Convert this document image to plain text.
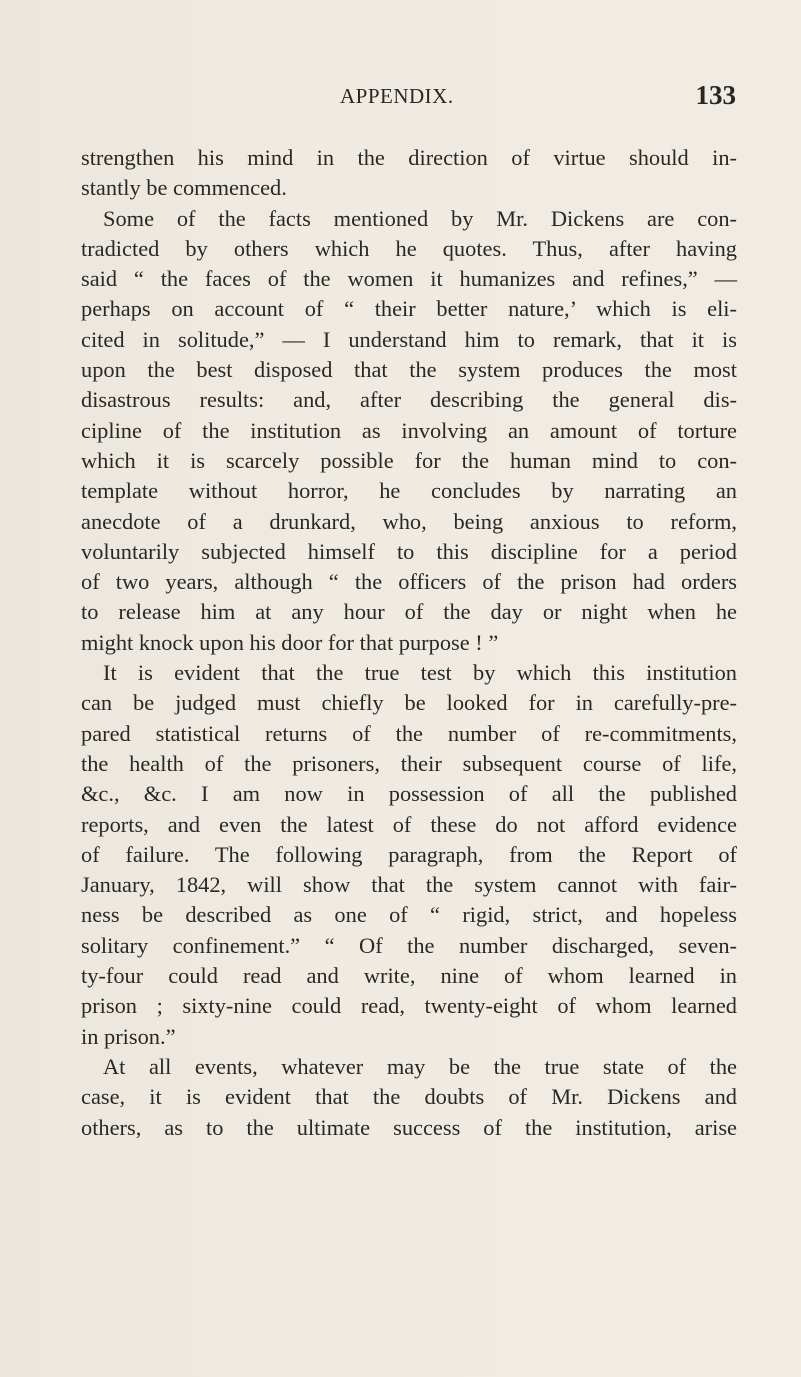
APPENDIX.	133
strengthen his mind in the direction of virtue should in-
stantly be commenced.
Some of the facts mentioned by Mr. Dickens are con-
tradicted by others which he quotes. Thus, after having
said “ the faces of the women it humanizes and refines,” —
perhaps on account of “ their better nature,’ which is eli-
cited in solitude,” — I understand him to remark, that it is
upon the best disposed that the system produces the most
disastrous results: and, after describing the general dis-
cipline of the institution as involving an amount of torture
which it is scarcely possible for the human mind to con-
template without horror, he concludes by narrating an
anecdote of a drunkard, who, being anxious to reform,
voluntarily subjected himself to this discipline for a period
of two years, although “ the officers of the prison had orders
to release him at any hour of the day or night when he
might knock upon his door for that purpose ! ”
It is evident that the true test by which this institution
can be judged must chiefly be looked for in carefully-pre-
pared statistical returns of the number of re-commitments,
the health of the prisoners, their subsequent course of life,
&c., &c. I am now in possession of all the published
reports, and even the latest of these do not afford evidence
of failure. The following paragraph, from the Report of
January, 1842, will show that the system cannot with fair-
ness be described as one of “ rigid, strict, and hopeless
solitary confinement.” “ Of the number discharged, seven-
ty-four could read and write, nine of whom learned in
prison ; sixty-nine could read, twenty-eight of whom learned
in prison.”
At all events, whatever may be the true state of the
case, it is evident that the doubts of Mr. Dickens and
others, as to the ultimate success of the institution, arise
